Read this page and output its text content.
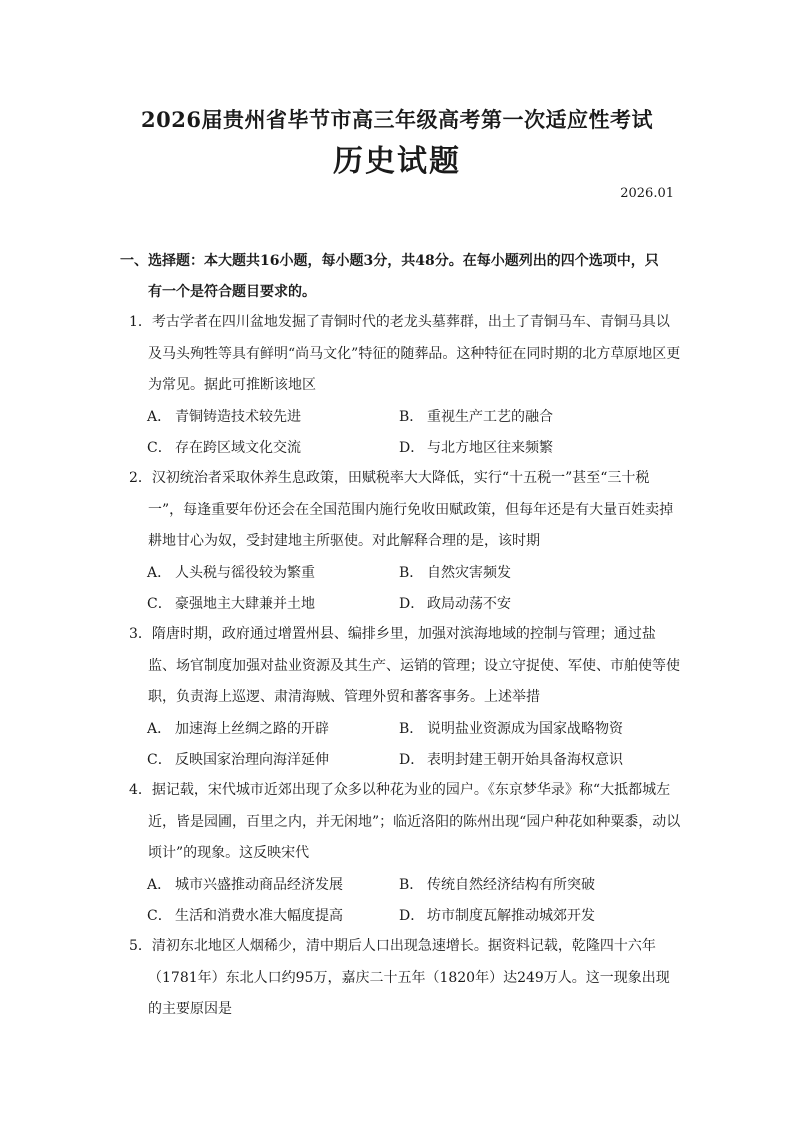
2026届贵州省毕节市高三年级高考第一次适应性考试
历史试题
2026.01
一、选择题：本大题共16小题，每小题3分，共48分。在每小题列出的四个选项中，只
有一个是符合题目要求的。
1．考古学者在四川盆地发掘了青铜时代的老龙头墓葬群，出土了青铜马车、青铜马具以及马头殉牲等具有鲜明“尚马文化”特征的随葬品。这种特征在同时期的北方草原地区更为常见。据此可推断该地区
A． 青铜铸造技术较先进	B． 重视生产工艺的融合
C． 存在跨区域文化交流	D． 与北方地区往来频繁
2．汉初统治者采取休养生息政策，田赋税率大大降低，实行“十五税一”甚至“三十税一”，每逢重要年份还会在全国范围内施行免收田赋政策，但每年还是有大量百姓卖掉耕地甘心为奴，受封建地主所驱使。对此解释合理的是，该时期
A． 人头税与徭役较为繁重	B． 自然灾害频发
C． 豪强地主大肆兼并土地	D． 政局动荡不安
3．隋唐时期，政府通过增置州县、编排乡里，加强对滨海地域的控制与管理；通过盐监、场官制度加强对盐业资源及其生产、运销的管理；设立守捉使、军使、市舶使等使职，负责海上巡逻、肃清海贼、管理外贸和蕃客事务。上述举措
A． 加速海上丝绸之路的开辟	B． 说明盐业资源成为国家战略物资
C． 反映国家治理向海洋延伸	D． 表明封建王朝开始具备海权意识
4．据记载，宋代城市近郊出现了众多以种花为业的园户。《东京梦华录》称“大抵都城左近，皆是园圃，百里之内，并无闲地”；临近洛阳的陈州出现“园户种花如种粟黍，动以顷计”的现象。这反映宋代
A． 城市兴盛推动商品经济发展	B． 传统自然经济结构有所突破
C． 生活和消费水准大幅度提高	D． 坊市制度瓦解推动城郊开发
5．清初东北地区人烟稀少，清中期后人口出现急速增长。据资料记载，乾隆四十六年（1781年）东北人口约95万，嘉庆二十五年（1820年）达249万人。这一现象出现的主要原因是
